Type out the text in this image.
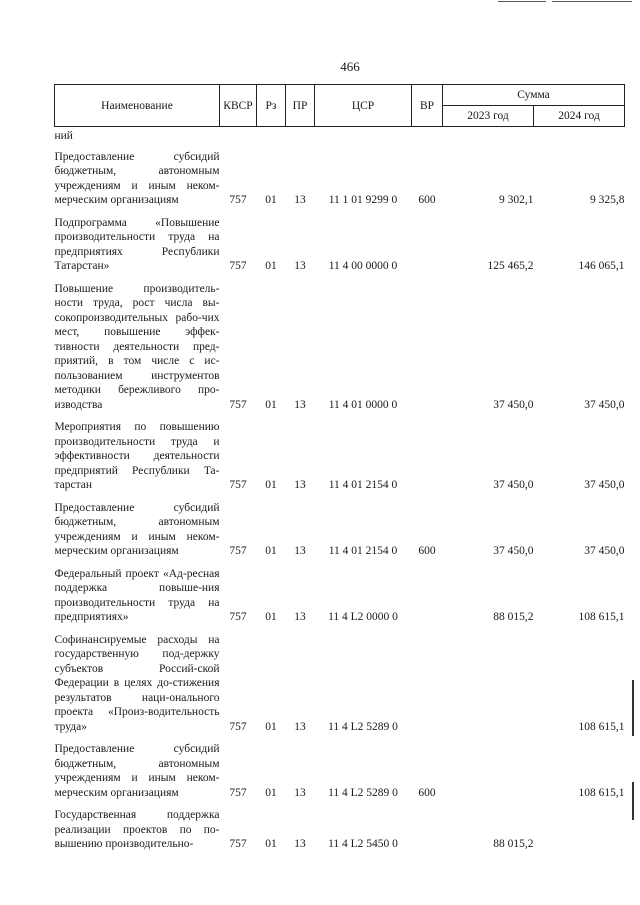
466
Наименование	КВСР	Рз	ПР	ЦСР	ВР	Сумма	
						2023 год	2024 год
ний							
Предоставление субсидий бюджетным, автономным учреждениям и иным неком-мерческим организациям	757	01	13	11 1 01 9299 0	600	9 302,1	9 325,8
Подпрограмма «Повышение производительности труда на предприятиях Республики Татарстан»	757	01	13	11 4 00 0000 0		125 465,2	146 065,1
Повышение производитель-ности труда, рост числа вы-сокопроизводительных рабо-чих мест, повышение эффек-тивности деятельности пред-приятий, в том числе с ис-пользованием инструментов методики бережливого про-изводства	757	01	13	11 4 01 0000 0		37 450,0	37 450,0
Мероприятия по повышению производительности труда и эффективности деятельности предприятий Республики Та-тарстан	757	01	13	11 4 01 2154 0		37 450,0	37 450,0
Предоставление субсидий бюджетным, автономным учреждениям и иным неком-мерческим организациям	757	01	13	11 4 01 2154 0	600	37 450,0	37 450,0
Федеральный проект «Ад-ресная поддержка повыше-ния производительности труда на предприятиях»	757	01	13	11 4 L2 0000 0		88 015,2	108 615,1
Софинансируемые расходы на государственную под-держку субъектов Россий-ской Федерации в целях до-стижения результатов наци-онального проекта «Произ-водительность труда»	757	01	13	11 4 L2 5289 0			108 615,1
Предоставление субсидий бюджетным, автономным учреждениям и иным неком-мерческим организациям	757	01	13	11 4 L2 5289 0	600		108 615,1
Государственная поддержка реализации проектов по по-вышению производительно-	757	01	13	11 4 L2 5450 0		88 015,2	
